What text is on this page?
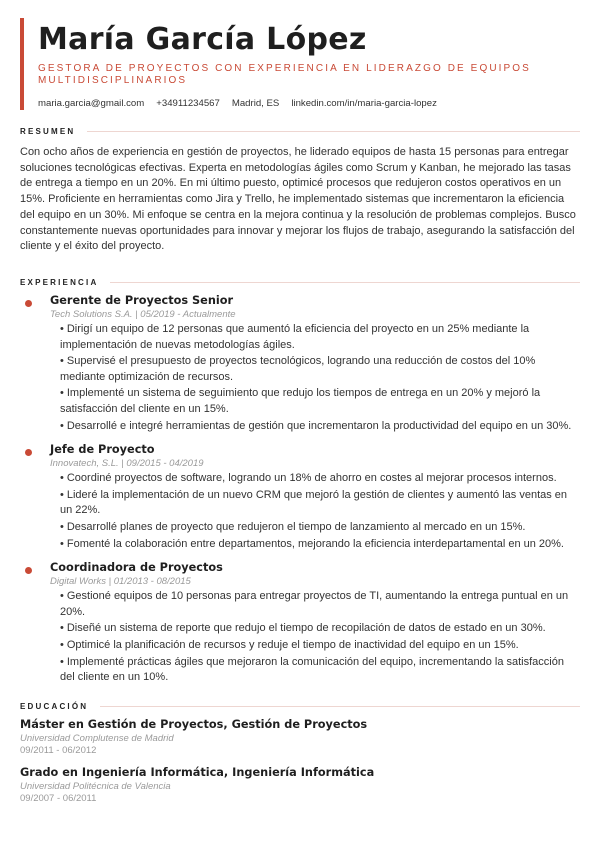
María García López
GESTORA DE PROYECTOS CON EXPERIENCIA EN LIDERAZGO DE EQUIPOS MULTIDISCIPLINARIOS
maria.garcia@gmail.com +34911234567 Madrid, ES linkedin.com/in/maria-garcia-lopez
RESUMEN

Con ocho años de experiencia en gestión de proyectos, he liderado equipos de hasta 15 personas para entregar soluciones tecnológicas efectivas. Experta en metodologías ágiles como Scrum y Kanban, he mejorado las tasas de entrega a tiempo en un 20%. En mi último puesto, optimicé procesos que redujeron costos operativos en un 15%. Proficiente en herramientas como Jira y Trello, he implementado sistemas que incrementaron la eficiencia del equipo en un 30%. Mi enfoque se centra en la mejora continua y la resolución de problemas complejos. Busco constantemente nuevas oportunidades para innovar y mejorar los flujos de trabajo, asegurando la satisfacción del cliente y el éxito del proyecto.

EXPERIENCIA
Gerente de Proyectos Senior
Tech Solutions S.A. | 05/2019 - Actualmente
• Dirigí un equipo de 12 personas que aumentó la eficiencia del proyecto en un 25% mediante la implementación de nuevas metodologías ágiles.
• Supervisé el presupuesto de proyectos tecnológicos, logrando una reducción de costos del 10% mediante optimización de recursos.
• Implementé un sistema de seguimiento que redujo los tiempos de entrega en un 20% y mejoró la satisfacción del cliente en un 15%.
• Desarrollé e integré herramientas de gestión que incrementaron la productividad del equipo en un 30%.
Jefe de Proyecto
Innovatech, S.L. | 09/2015 - 04/2019
• Coordiné proyectos de software, logrando un 18% de ahorro en costes al mejorar procesos internos.
• Lideré la implementación de un nuevo CRM que mejoró la gestión de clientes y aumentó las ventas en un 22%.
• Desarrollé planes de proyecto que redujeron el tiempo de lanzamiento al mercado en un 15%.
• Fomenté la colaboración entre departamentos, mejorando la eficiencia interdepartamental en un 20%.
Coordinadora de Proyectos
Digital Works | 01/2013 - 08/2015
• Gestioné equipos de 10 personas para entregar proyectos de TI, aumentando la entrega puntual en un 20%.
• Diseñé un sistema de reporte que redujo el tiempo de recopilación de datos de estado en un 30%.
• Optimicé la planificación de recursos y reduje el tiempo de inactividad del equipo en un 15%.
• Implementé prácticas ágiles que mejoraron la comunicación del equipo, incrementando la satisfacción del cliente en un 10%.
EDUCACIÓN
Máster en Gestión de Proyectos, Gestión de Proyectos
Universidad Complutense de Madrid
09/2011 - 06/2012
Grado en Ingeniería Informática, Ingeniería Informática
Universidad Politécnica de Valencia
09/2007 - 06/2011
